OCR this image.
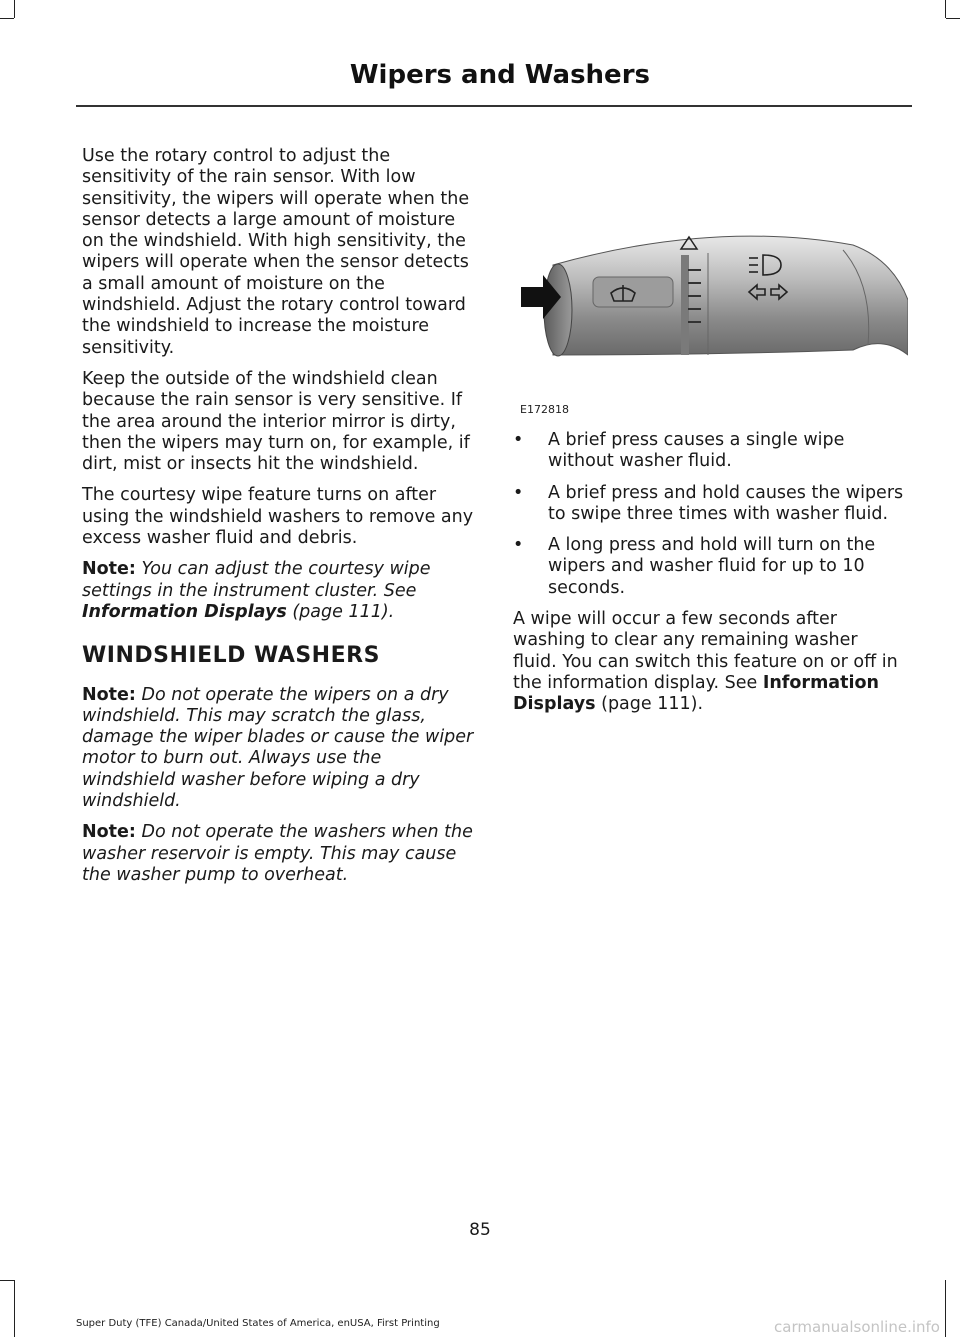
Wipers and Washers

Use the rotary control to adjust the sensitivity of the rain sensor. With low sensitivity, the wipers will operate when the sensor detects a large amount of moisture on the windshield. With high sensitivity, the wipers will operate when the sensor detects a small amount of moisture on the windshield. Adjust the rotary control toward the windshield to increase the moisture sensitivity.

Keep the outside of the windshield clean because the rain sensor is very sensitive. If the area around the interior mirror is dirty, then the wipers may turn on, for example, if dirt, mist or insects hit the windshield.

The courtesy wipe feature turns on after using the windshield washers to remove any excess washer fluid and debris.

Note: You can adjust the courtesy wipe settings in the instrument cluster. See Information Displays (page 111).

WINDSHIELD WASHERS

Note: Do not operate the wipers on a dry windshield. This may scratch the glass, damage the wiper blades or cause the wiper motor to burn out. Always use the windshield washer before wiping a dry windshield.

Note: Do not operate the washers when the washer reservoir is empty. This may cause the washer pump to overheat.

E172818
• A brief press causes a single wipe without washer fluid.
• A brief press and hold causes the wipers to swipe three times with washer fluid.
• A long press and hold will turn on the wipers and washer fluid for up to 10 seconds.

A wipe will occur a few seconds after washing to clear any remaining washer fluid. You can switch this feature on or off in the information display. See Information Displays (page 111).

85
Super Duty (TFE) Canada/United States of America, enUSA, First Printing	carmanualsonline.info
